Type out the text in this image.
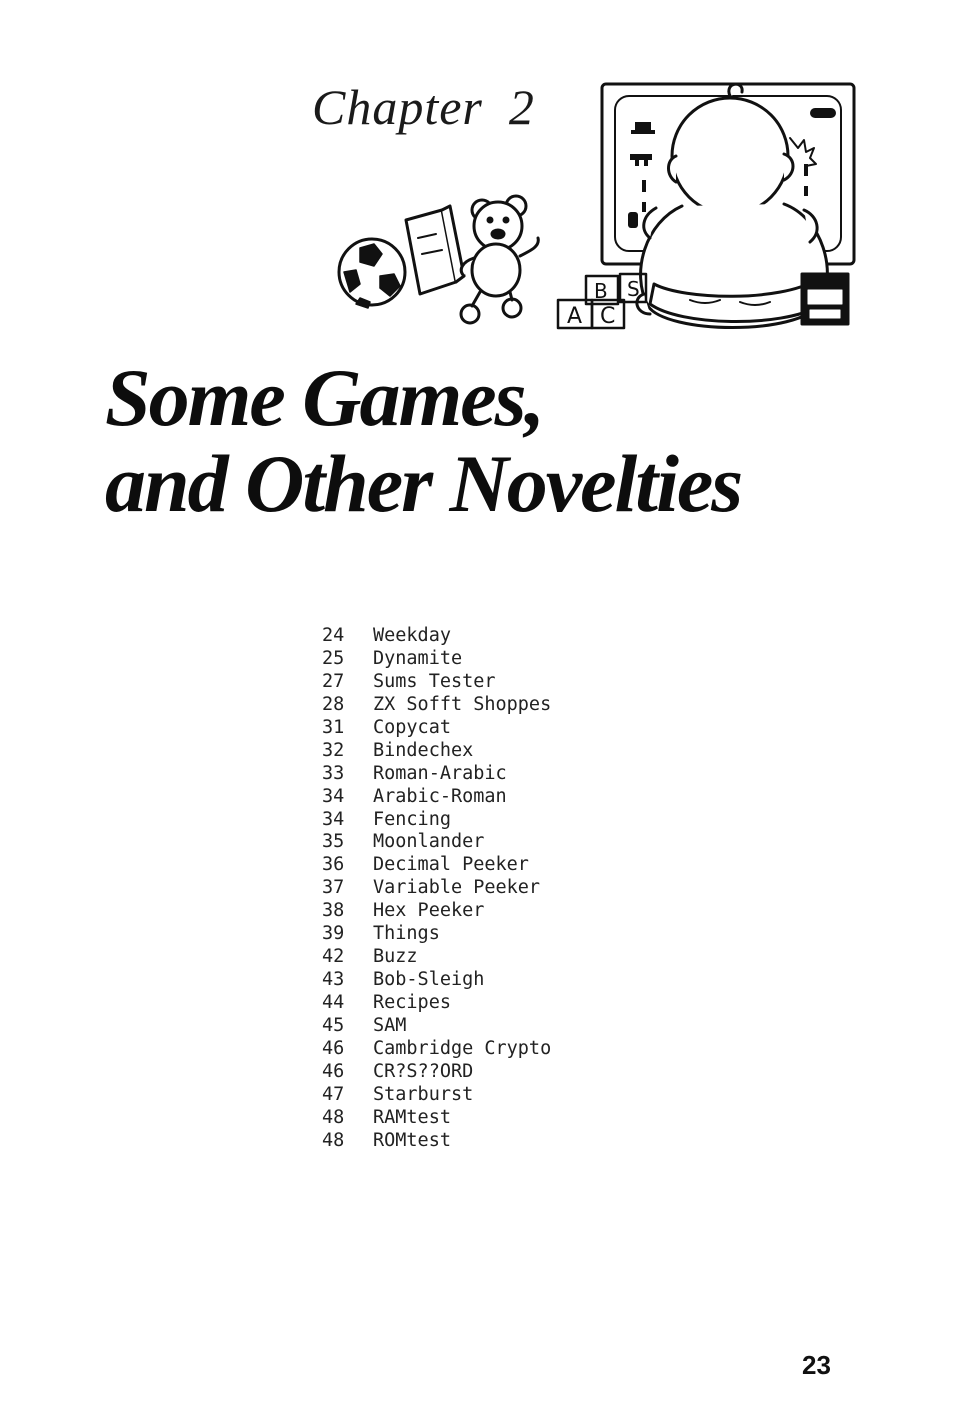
Chapter 2
B S
A C
Some Games,
and Other Novelties
24	Weekday
25	Dynamite
27	Sums Tester
28	ZX Sofft Shoppes
31	Copycat
32	Bindechex
33	Roman-Arabic
34	Arabic-Roman
34	Fencing
35	Moonlander
36	Decimal Peeker
37	Variable Peeker
38	Hex Peeker
39	Things
42	Buzz
43	Bob-Sleigh
44	Recipes
45	SAM
46	Cambridge Crypto
46	CR?S??ORD
47	Starburst
48	RAMtest
48	ROMtest
23
